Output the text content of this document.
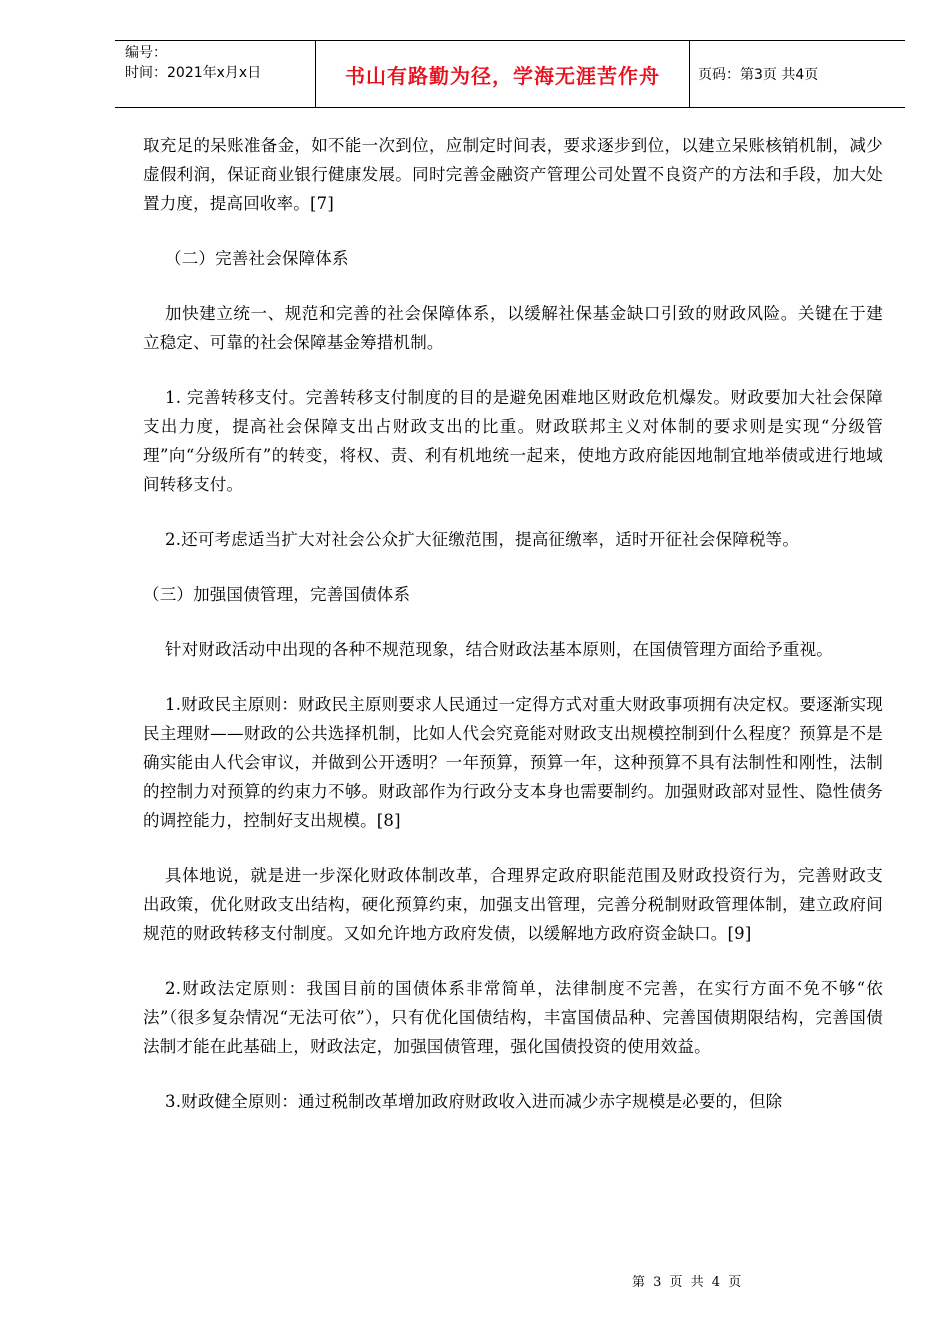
编号：
时间：2021年x月x日	书山有路勤为径，学海无涯苦作舟	页码：第3页 共4页

取充足的呆账准备金，如不能一次到位，应制定时间表，要求逐步到位，以建立呆账核销机制，减少虚假利润，保证商业银行健康发展。同时完善金融资产管理公司处置不良资产的方法和手段，加大处置力度，提高回收率。[7]

（二）完善社会保障体系

加快建立统一、规范和完善的社会保障体系，以缓解社保基金缺口引致的财政风险。关键在于建立稳定、可靠的社会保障基金筹措机制。

1. 完善转移支付。完善转移支付制度的目的是避免困难地区财政危机爆发。财政要加大社会保障支出力度，提高社会保障支出占财政支出的比重。财政联邦主义对体制的要求则是实现“分级管理”向“分级所有”的转变，将权、责、利有机地统一起来，使地方政府能因地制宜地举债或进行地域间转移支付。

2.还可考虑适当扩大对社会公众扩大征缴范围，提高征缴率，适时开征社会保障税等。

（三）加强国债管理，完善国债体系

针对财政活动中出现的各种不规范现象，结合财政法基本原则，在国债管理方面给予重视。

1.财政民主原则：财政民主原则要求人民通过一定得方式对重大财政事项拥有决定权。要逐渐实现民主理财——财政的公共选择机制，比如人代会究竟能对财政支出规模控制到什么程度？预算是不是确实能由人代会审议，并做到公开透明？一年预算，预算一年，这种预算不具有法制性和刚性，法制的控制力对预算的约束力不够。财政部作为行政分支本身也需要制约。加强财政部对显性、隐性债务的调控能力，控制好支出规模。[8]

具体地说，就是进一步深化财政体制改革，合理界定政府职能范围及财政投资行为，完善财政支出政策，优化财政支出结构，硬化预算约束，加强支出管理，完善分税制财政管理体制，建立政府间规范的财政转移支付制度。又如允许地方政府发债，以缓解地方政府资金缺口。[9]

2.财政法定原则：我国目前的国债体系非常简单，法律制度不完善，在实行方面不免不够“依法”（很多复杂情况“无法可依”），只有优化国债结构，丰富国债品种、完善国债期限结构，完善国债法制才能在此基础上，财政法定，加强国债管理，强化国债投资的使用效益。

3.财政健全原则：通过税制改革增加政府财政收入进而减少赤字规模是必要的，但除

第 3 页 共 4 页
